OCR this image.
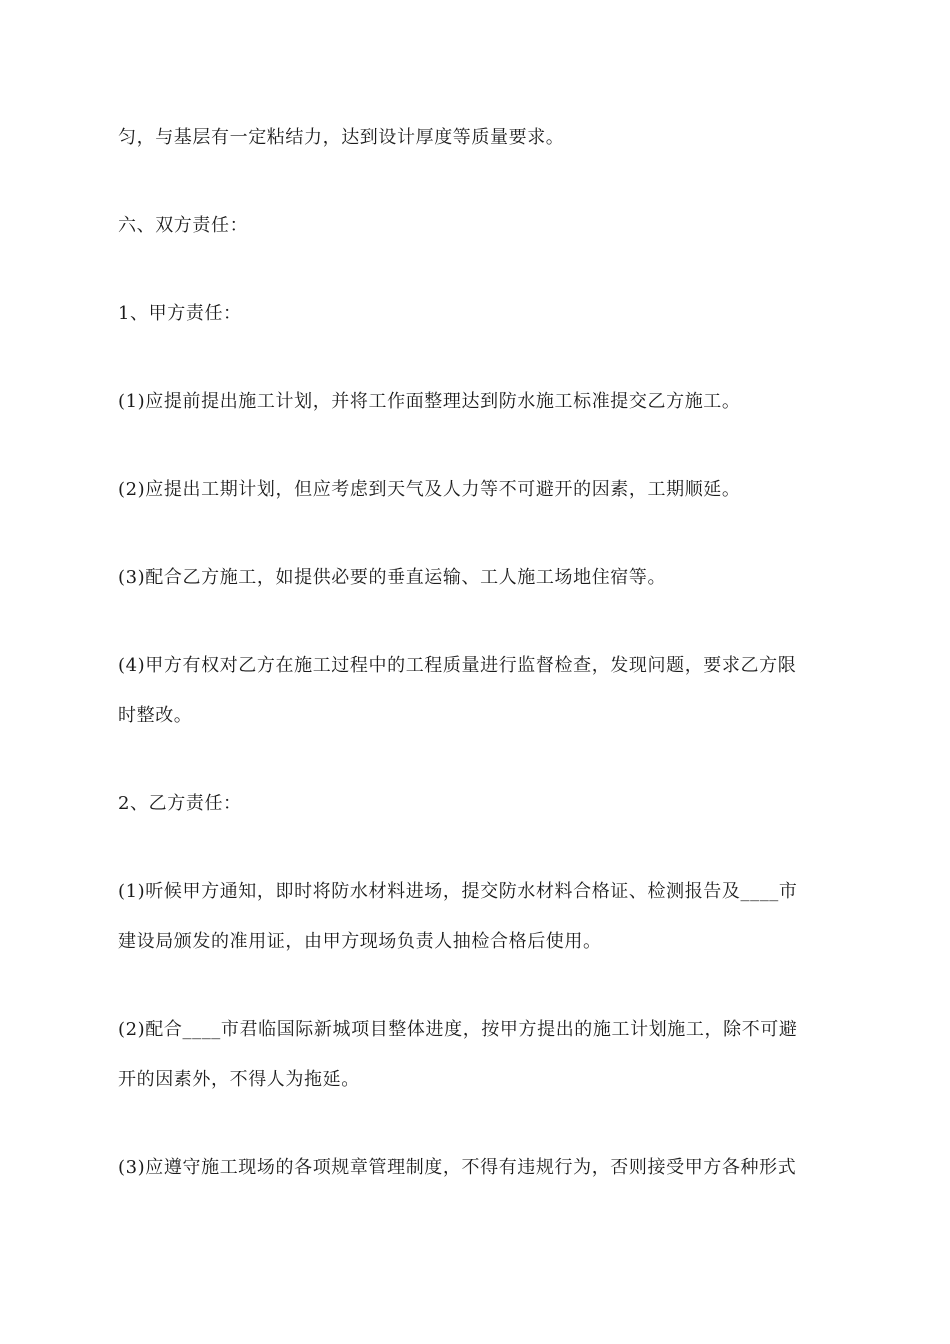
匀，与基层有一定粘结力，达到设计厚度等质量要求。
六、双方责任：
1、甲方责任：
(1)应提前提出施工计划，并将工作面整理达到防水施工标准提交乙方施工。
(2)应提出工期计划，但应考虑到天气及人力等不可避开的因素，工期顺延。
(3)配合乙方施工，如提供必要的垂直运输、工人施工场地住宿等。
(4)甲方有权对乙方在施工过程中的工程质量进行监督检查，发现问题，要求乙方限
时整改。
2、乙方责任：
(1)听候甲方通知，即时将防水材料进场，提交防水材料合格证、检测报告及____市
建设局颁发的准用证，由甲方现场负责人抽检合格后使用。
(2)配合____市君临国际新城项目整体进度，按甲方提出的施工计划施工，除不可避
开的因素外，不得人为拖延。
(3)应遵守施工现场的各项规章管理制度，不得有违规行为，否则接受甲方各种形式
